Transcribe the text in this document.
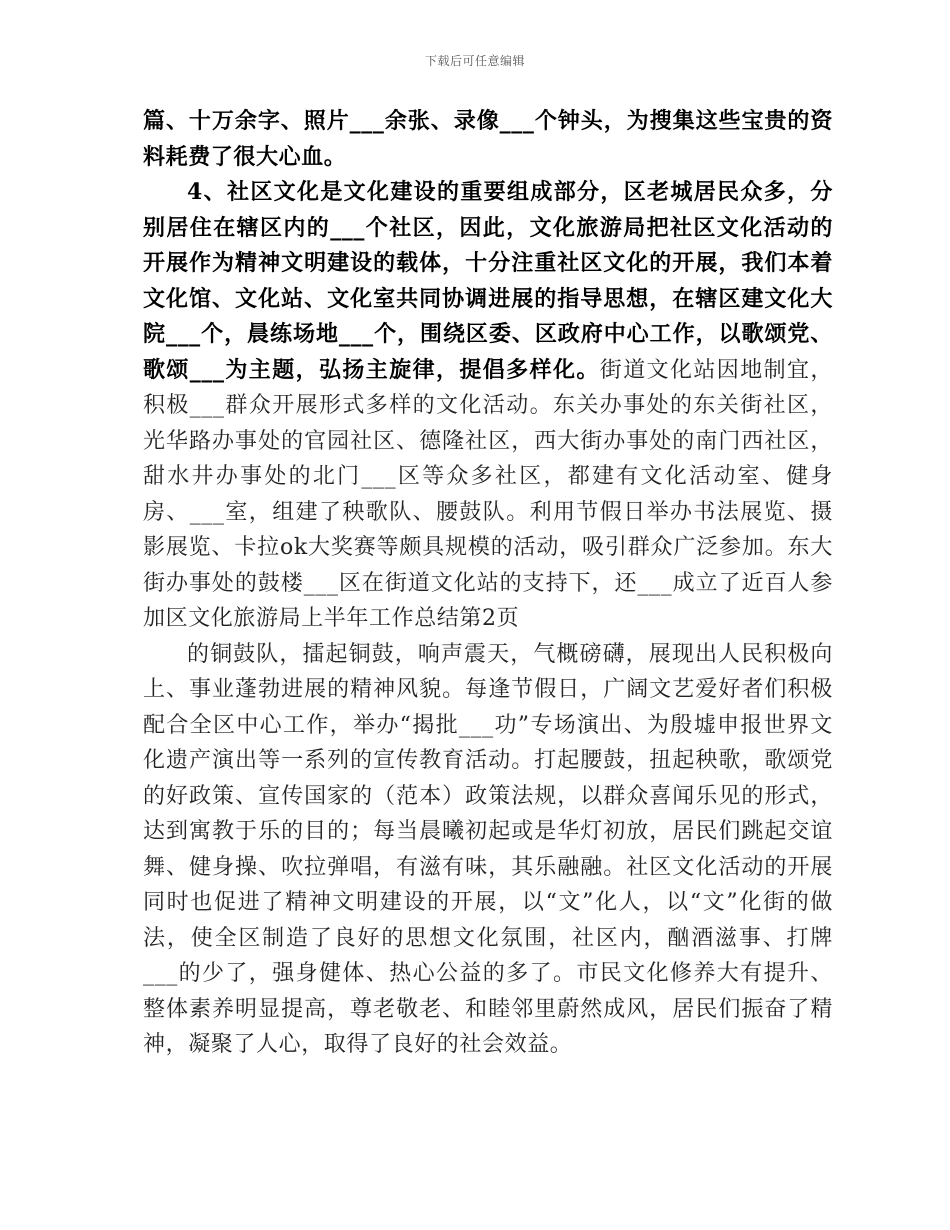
下载后可任意编辑

篇、十万余字、照片___余张、录像___个钟头，为搜集这些宝贵的资料耗费了很大心血。

4、社区文化是文化建设的重要组成部分，区老城居民众多，分别居住在辖区内的___个社区，因此，文化旅游局把社区文化活动的开展作为精神文明建设的载体，十分注重社区文化的开展，我们本着文化馆、文化站、文化室共同协调进展的指导思想，在辖区建文化大院___个，晨练场地___个，围绕区委、区政府中心工作，以歌颂党、歌颂___为主题，弘扬主旋律，提倡多样化。街道文化站因地制宜，积极___群众开展形式多样的文化活动。东关办事处的东关街社区，光华路办事处的官园社区、德隆社区，西大街办事处的南门西社区，甜水井办事处的北门___区等众多社区，都建有文化活动室、健身房、___室，组建了秧歌队、腰鼓队。利用节假日举办书法展览、摄影展览、卡拉ok大奖赛等颇具规模的活动，吸引群众广泛参加。东大街办事处的鼓楼___区在街道文化站的支持下，还___成立了近百人参加区文化旅游局上半年工作总结第2页

的铜鼓队，擂起铜鼓，响声震天，气概磅礴，展现出人民积极向上、事业蓬勃进展的精神风貌。每逢节假日，广阔文艺爱好者们积极配合全区中心工作，举办“揭批___功”专场演出、为殷墟申报世界文化遗产演出等一系列的宣传教育活动。打起腰鼓，扭起秧歌，歌颂党的好政策、宣传国家的（范本）政策法规，以群众喜闻乐见的形式，达到寓教于乐的目的；每当晨曦初起或是华灯初放，居民们跳起交谊舞、健身操、吹拉弹唱，有滋有味，其乐融融。社区文化活动的开展同时也促进了精神文明建设的开展，以“文”化人，以“文”化街的做法，使全区制造了良好的思想文化氛围，社区内，酗酒滋事、打牌___的少了，强身健体、热心公益的多了。市民文化修养大有提升、整体素养明显提高，尊老敬老、和睦邻里蔚然成风，居民们振奋了精神，凝聚了人心，取得了良好的社会效益。
